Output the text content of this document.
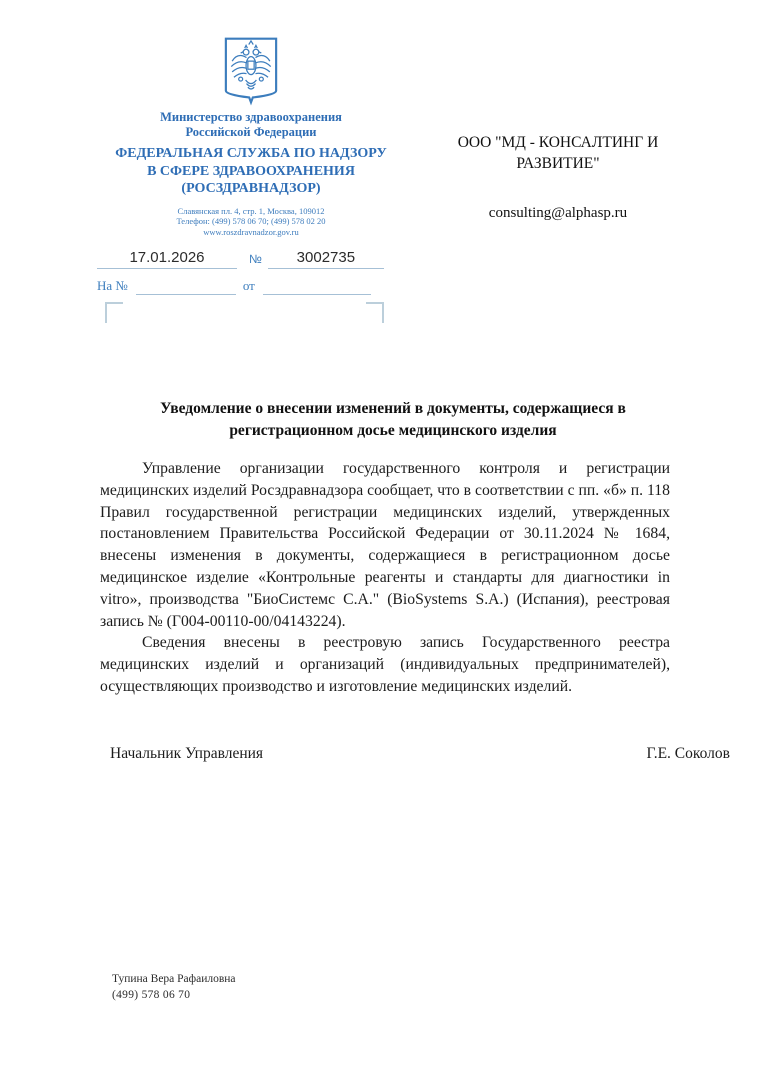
Министерство здравоохранения
Российской Федерации
ФЕДЕРАЛЬНАЯ СЛУЖБА ПО НАДЗОРУ
В СФЕРЕ ЗДРАВООХРАНЕНИЯ
(РОСЗДРАВНАДЗОР)
Славянская пл. 4, стр. 1, Москва, 109012
Телефон: (499) 578 06 70; (499) 578 02 20
www.roszdravnadzor.gov.ru
ООО "МД - КОНСАЛТИНГ И РАЗВИТИЕ"
consulting@alphasp.ru
17.01.2026	№	3002735
На №	от
Уведомление о внесении изменений в документы, содержащиеся в регистрационном досье медицинского изделия

Управление организации государственного контроля и регистрации медицинских изделий Росздравнадзора сообщает, что в соответствии с пп. «б» п. 118 Правил государственной регистрации медицинских изделий, утвержденных постановлением Правительства Российской Федерации от 30.11.2024 № 1684, внесены изменения в документы, содержащиеся в регистрационном досье медицинское изделие «Контрольные реагенты и стандарты для диагностики in vitro», производства "БиоСистемс С.А." (BioSystems S.A.) (Испания), реестровая запись № (Г004-00110-00/04143224).

Сведения внесены в реестровую запись Государственного реестра медицинских изделий и организаций (индивидуальных предпринимателей), осуществляющих производство и изготовление медицинских изделий.

Начальник Управления	Г.Е. Соколов
Тупина Вера Рафаиловна
(499) 578 06 70
